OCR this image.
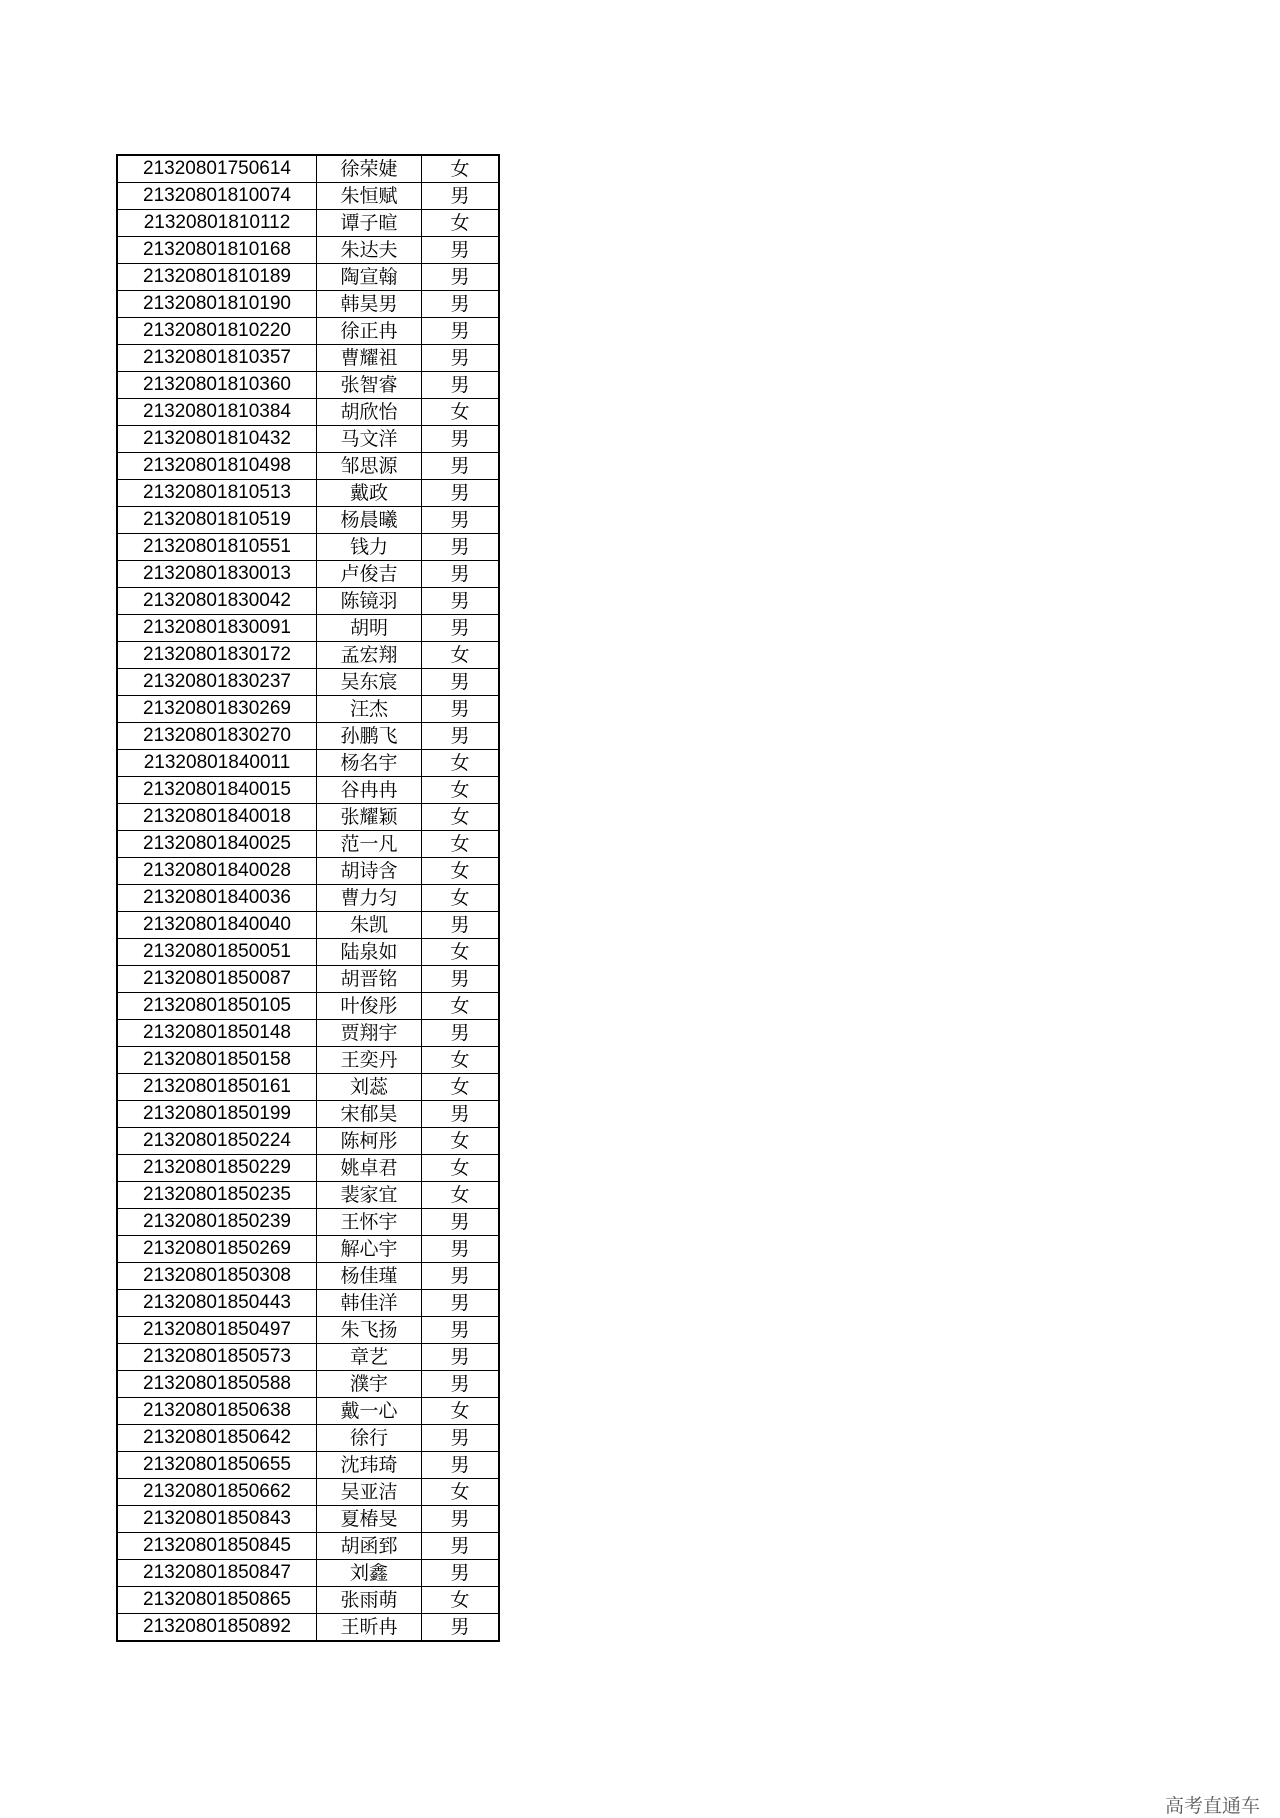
21320801750614	徐荣婕	女
21320801810074	朱恒赋	男
21320801810112	谭子暄	女
21320801810168	朱达夫	男
21320801810189	陶宣翰	男
21320801810190	韩昊男	男
21320801810220	徐正冉	男
21320801810357	曹耀祖	男
21320801810360	张智睿	男
21320801810384	胡欣怡	女
21320801810432	马文洋	男
21320801810498	邹思源	男
21320801810513	戴政	男
21320801810519	杨晨曦	男
21320801810551	钱力	男
21320801830013	卢俊吉	男
21320801830042	陈镜羽	男
21320801830091	胡明	男
21320801830172	孟宏翔	女
21320801830237	吴东宸	男
21320801830269	汪杰	男
21320801830270	孙鹏飞	男
21320801840011	杨名宇	女
21320801840015	谷冉冉	女
21320801840018	张耀颖	女
21320801840025	范一凡	女
21320801840028	胡诗含	女
21320801840036	曹力匀	女
21320801840040	朱凯	男
21320801850051	陆泉如	女
21320801850087	胡晋铭	男
21320801850105	叶俊彤	女
21320801850148	贾翔宇	男
21320801850158	王奕丹	女
21320801850161	刘蕊	女
21320801850199	宋郁昊	男
21320801850224	陈柯彤	女
21320801850229	姚卓君	女
21320801850235	裴家宜	女
21320801850239	王怀宇	男
21320801850269	解心宇	男
21320801850308	杨佳瑾	男
21320801850443	韩佳洋	男
21320801850497	朱飞扬	男
21320801850573	章艺	男
21320801850588	濮宇	男
21320801850638	戴一心	女
21320801850642	徐行	男
21320801850655	沈玮琦	男
21320801850662	吴亚洁	女
21320801850843	夏椿旻	男
21320801850845	胡函郅	男
21320801850847	刘鑫	男
21320801850865	张雨萌	女
21320801850892	王昕冉	男
高考直通车
